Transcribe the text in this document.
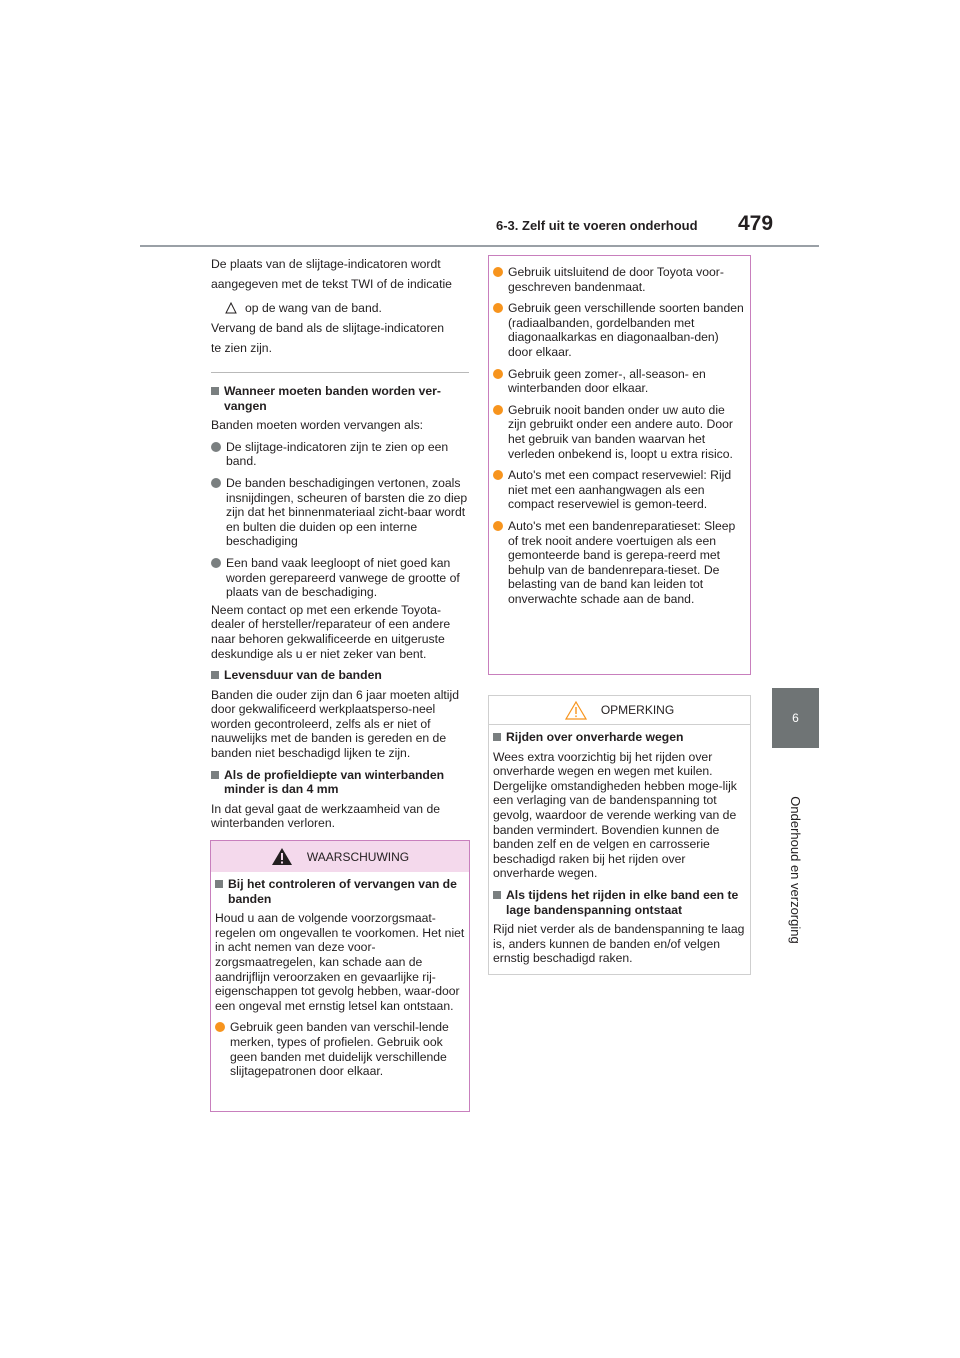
6-3. Zelf uit te voeren onderhoud 479
6
Onderhoud en verzorging

De plaats van de slijtage-indicatoren wordt

aangegeven met de tekst TWI of de indicatie

op de wang van de band.

Vervang de band als de slijtage-indicatoren

te zien zijn.

Wanneer moeten banden worden ver-vangen

Banden moeten worden vervangen als:

De slijtage-indicatoren zijn te zien op een band.
De banden beschadigingen vertonen, zoals insnijdingen, scheuren of barsten die zo diep zijn dat het binnenmateriaal zicht-baar wordt en bulten die duiden op een interne beschadiging
Een band vaak leegloopt of niet goed kan worden gerepareerd vanwege de grootte of plaats van de beschadiging.

Neem contact op met een erkende Toyota-dealer of hersteller/reparateur of een andere naar behoren gekwalificeerde en uitgeruste deskundige als u er niet zeker van bent.

Levensduur van de banden

Banden die ouder zijn dan 6 jaar moeten altijd door gekwalificeerd werkplaatsperso-neel worden gecontroleerd, zelfs als er niet of nauwelijks met de banden is gereden en de banden niet beschadigd lijken te zijn.

Als de profieldiepte van winterbanden minder is dan 4 mm

In dat geval gaat de werkzaamheid van de winterbanden verloren.

WAARSCHUWING
Bij het controleren of vervangen van de banden

Houd u aan de volgende voorzorgsmaat-regelen om ongevallen te voorkomen. Het niet in acht nemen van deze voor-zorgsmaatregelen, kan schade aan de aandrijflijn veroorzaken en gevaarlijke rij-eigenschappen tot gevolg hebben, waar-door een ongeval met ernstig letsel kan ontstaan.

Gebruik geen banden van verschil-lende merken, types of profielen. Gebruik ook geen banden met duidelijk verschillende slijtagepatronen door elkaar.
Gebruik uitsluitend de door Toyota voor-geschreven bandenmaat.
Gebruik geen verschillende soorten banden (radiaalbanden, gordelbanden met diagonaalkarkas en diagonaalban-den) door elkaar.
Gebruik geen zomer-, all-season- en winterbanden door elkaar.
Gebruik nooit banden onder uw auto die zijn gebruikt onder een andere auto. Door het gebruik van banden waarvan het verleden onbekend is, loopt u extra risico.
Auto's met een compact reservewiel: Rijd niet met een aanhangwagen als een compact reservewiel is gemon-teerd.
Auto's met een bandenreparatieset: Sleep of trek nooit andere voertuigen als een gemonteerde band is gerepa-reerd met behulp van de bandenrepara-tieset. De belasting van de band kan leiden tot onverwachte schade aan de band.
OPMERKING
Rijden over onverharde wegen

Wees extra voorzichtig bij het rijden over onverharde wegen en wegen met kuilen. Dergelijke omstandigheden hebben moge-lijk een verlaging van de bandenspanning tot gevolg, waardoor de verende werking van de banden vermindert. Bovendien kunnen de banden zelf en de velgen en carrosserie beschadigd raken bij het rijden over onverharde wegen.

Als tijdens het rijden in elke band een te lage bandenspanning ontstaat

Rijd niet verder als de bandenspanning te laag is, anders kunnen de banden en/of velgen ernstig beschadigd raken.
